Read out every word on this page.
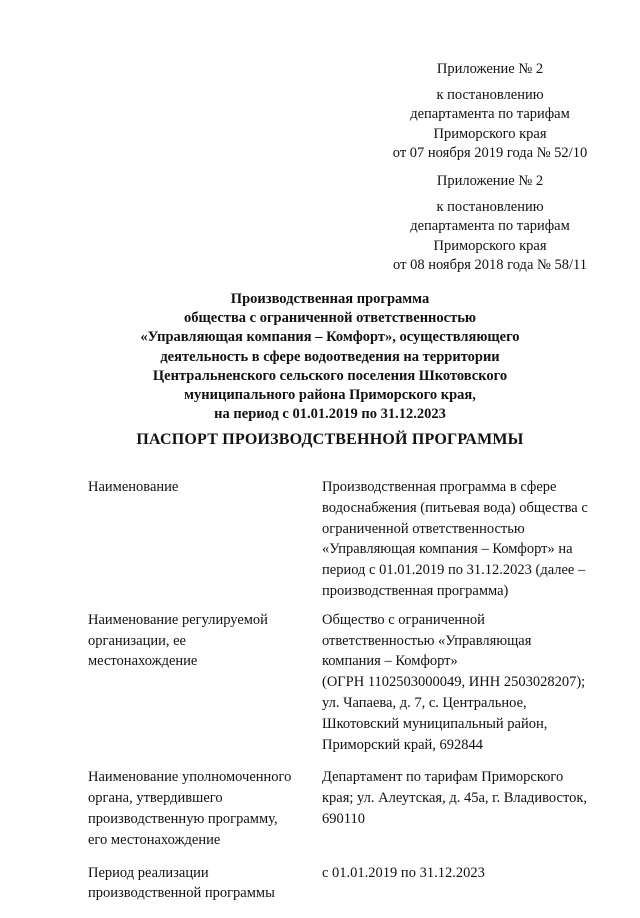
Приложение № 2
к постановлению
департамента по тарифам
Приморского края
от 07 ноября 2019 года № 52/10
Приложение № 2
к постановлению
департамента по тарифам
Приморского края
от 08 ноября 2018 года № 58/11
Производственная программа
общества с ограниченной ответственностью
«Управляющая компания – Комфорт», осуществляющего
деятельность в сфере водоотведения на территории
Центральненского сельского поселения Шкотовского
муниципального района Приморского края,
на период с 01.01.2019 по 31.12.2023
ПАСПОРТ ПРОИЗВОДСТВЕННОЙ ПРОГРАММЫ
Наименование	Производственная программа в сфере
водоснабжения (питьевая вода) общества с
ограниченной ответственностью
«Управляющая компания – Комфорт» на
период с 01.01.2019 по 31.12.2023 (далее –
производственная программа)
Наименование регулируемой
организации, ее
местонахождение
Общество с ограниченной
ответственностью «Управляющая
компания – Комфорт»
(ОГРН 1102503000049, ИНН 2503028207);
ул. Чапаева, д. 7, с. Центральное,
Шкотовский муниципальный район,
Приморский край, 692844
Наименование уполномоченного
органа, утвердившего
производственную программу,
его местонахождение
Департамент по тарифам Приморского
края; ул. Алеутская, д. 45а, г. Владивосток,
690110
Период реализации
производственной программы
с 01.01.2019 по 31.12.2023
